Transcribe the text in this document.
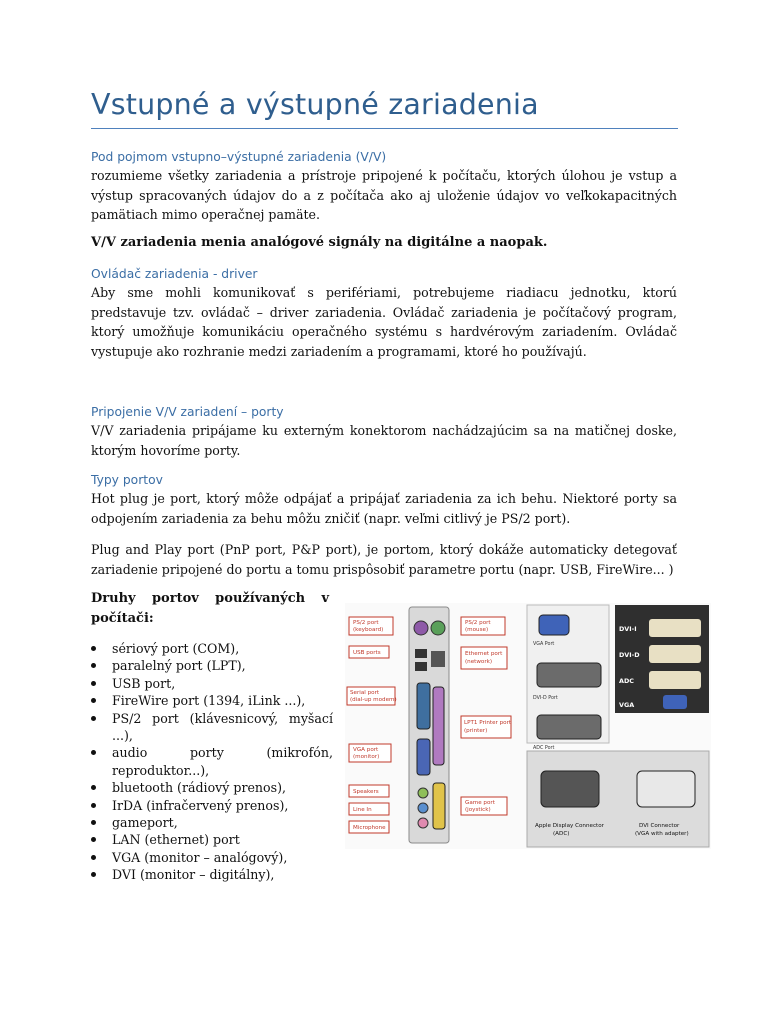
Vstupné a výstupné zariadenia
Pod pojmom vstupno–výstupné zariadenia (V/V)
rozumieme všetky zariadenia a prístroje pripojené k počítaču, ktorých úlohou je vstup a výstup spracovaných údajov do a z počítača ako aj uloženie údajov vo veľkokapacitných pamätiach mimo operačnej pamäte.
V/V zariadenia menia analógové signály na digitálne a naopak.
Ovládač zariadenia - driver
Aby sme mohli komunikovať s perifériami, potrebujeme riadiacu jednotku, ktorú predstavuje tzv. ovládač – driver zariadenia. Ovládač zariadenia je počítačový program, ktorý umožňuje komunikáciu operačného systému s hardvérovým zariadením. Ovládač vystupuje ako rozhranie medzi zariadením a programami, ktoré ho používajú.
Pripojenie V/V zariadení – porty
V/V zariadenia pripájame ku externým konektorom nachádzajúcim sa na matičnej doske, ktorým hovoríme porty.
Typy portov
Hot plug je port, ktorý môže odpájať a pripájať zariadenia za ich behu. Niektoré porty sa odpojením zariadenia za behu môžu zničiť (napr. veľmi citlivý je PS/2 port).
Plug and Play port (PnP port, P&P port), je portom, ktorý dokáže automaticky detegovať zariadenie pripojené do portu a tomu prispôsobiť parametre portu (napr. USB, FireWire... )
Druhy portov používaných v počítači:
sériový port (COM),
paralelný port (LPT),
USB port,
FireWire port (1394, iLink ...),
PS/2 port (klávesnicový, myšací ...),
audio porty (mikrofón, reproduktor...),
bluetooth (rádiový prenos),
IrDA (infračervený prenos),
gameport,
LAN (ethernet) port
VGA (monitor – analógový),
DVI (monitor – digitálny),
PS/2 port
(keyboard)
USB ports
Serial port
(dial-up modem)
VGA port
(monitor)
Speakers
Line In
Microphone
PS/2 port
(mouse)
Ethernet port
(network)
LPT1 Printer port
(printer)
Game port
(joystick)
VGA Port
DVI-D Port
ADC Port
DVI-I
DVI-D
ADC
VGA
Apple Display Connector
(ADC)
DVI Connector
(VGA with adapter)
